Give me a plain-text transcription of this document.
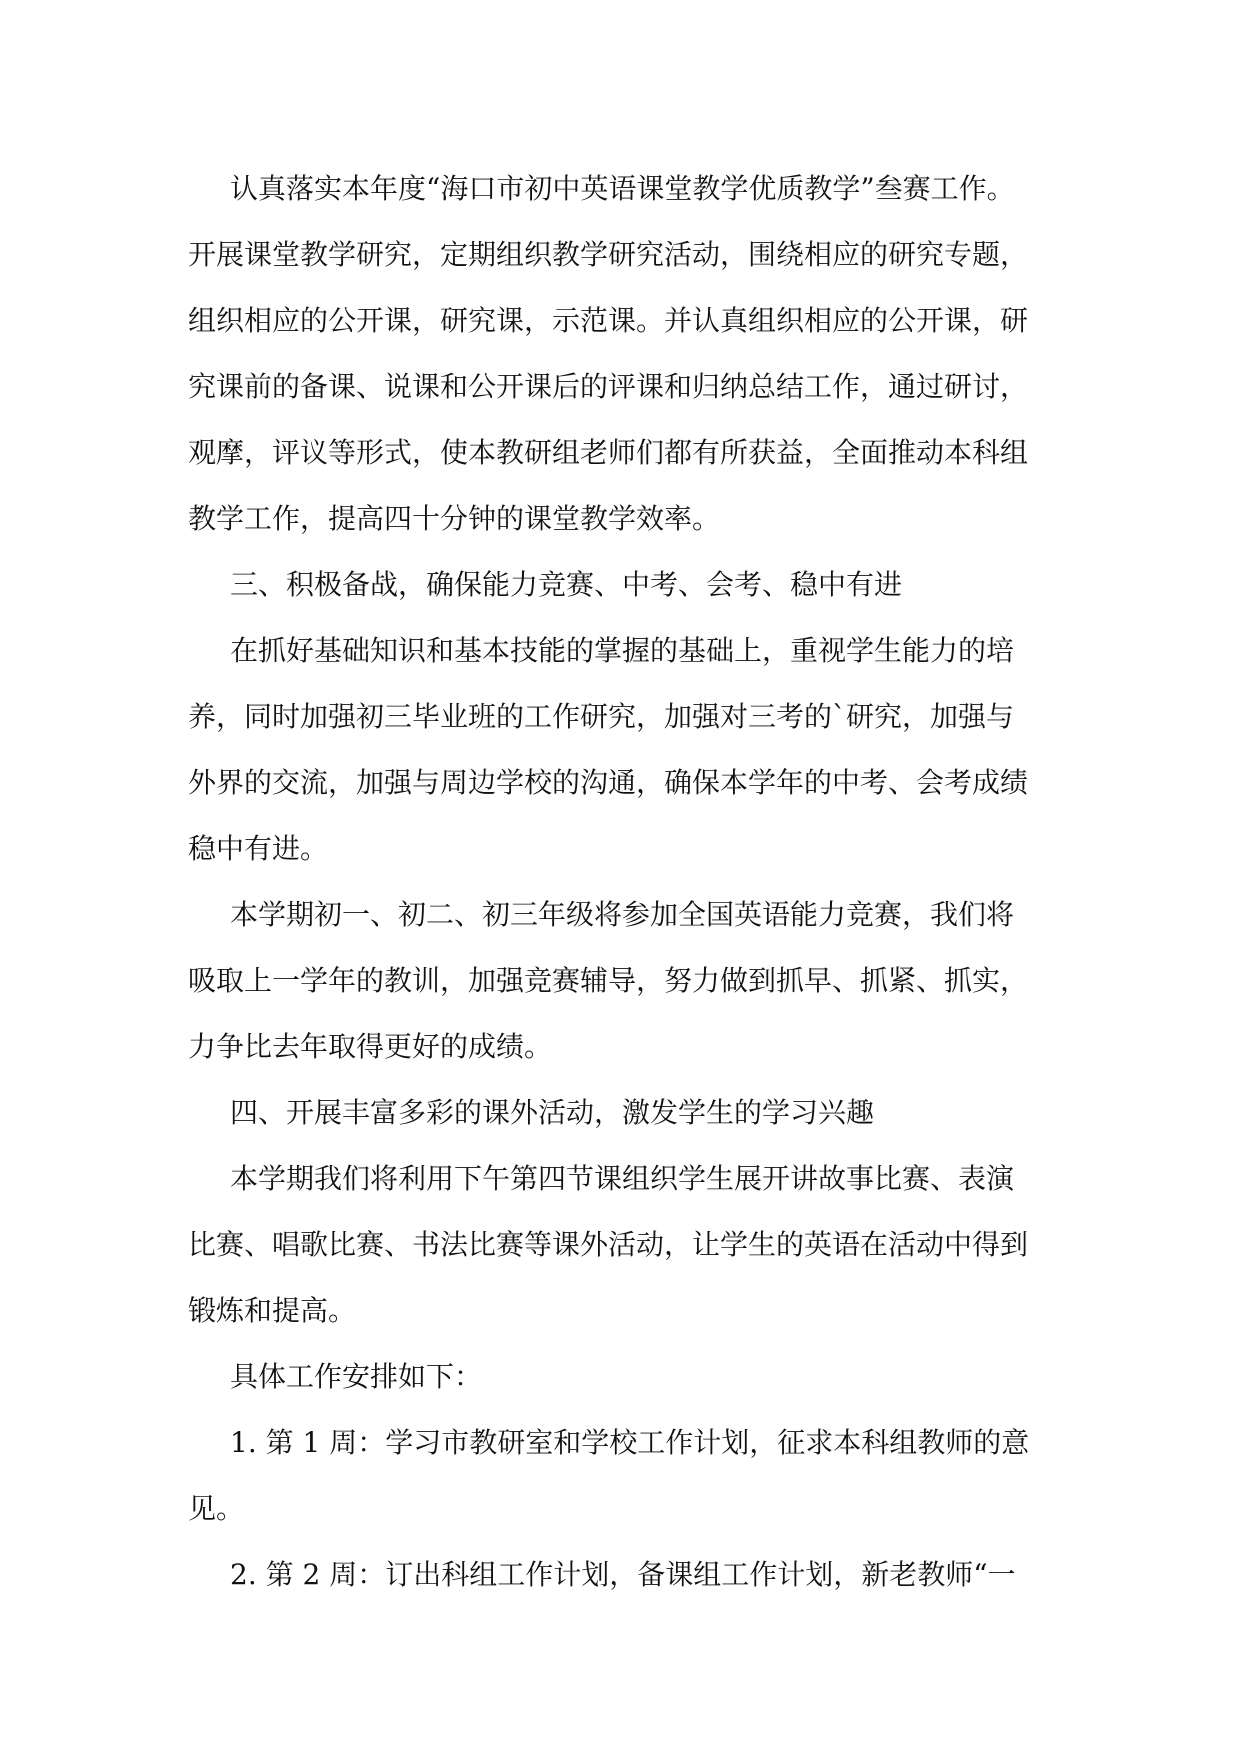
认真落实本年度“海口市初中英语课堂教学优质教学”叁赛工作。

开展课堂教学研究，定期组织教学研究活动，围绕相应的研究专题，

组织相应的公开课，研究课，示范课。并认真组织相应的公开课，研

究课前的备课、说课和公开课后的评课和归纳总结工作，通过研讨，

观摩，评议等形式，使本教研组老师们都有所获益，全面推动本科组

教学工作，提高四十分钟的课堂教学效率。

三、积极备战，确保能力竞赛、中考、会考、稳中有进

在抓好基础知识和基本技能的掌握的基础上，重视学生能力的培

养，同时加强初三毕业班的工作研究，加强对三考的`研究，加强与

外界的交流，加强与周边学校的沟通，确保本学年的中考、会考成绩

稳中有进。

本学期初一、初二、初三年级将参加全国英语能力竞赛，我们将

吸取上一学年的教训，加强竞赛辅导，努力做到抓早、抓紧、抓实，

力争比去年取得更好的成绩。

四、开展丰富多彩的课外活动，激发学生的学习兴趣

本学期我们将利用下午第四节课组织学生展开讲故事比赛、表演

比赛、唱歌比赛、书法比赛等课外活动，让学生的英语在活动中得到

锻炼和提高。

具体工作安排如下：

1. 第 1 周：学习市教研室和学校工作计划，征求本科组教师的意

见。

2. 第 2 周：订出科组工作计划，备课组工作计划，新老教师“一
